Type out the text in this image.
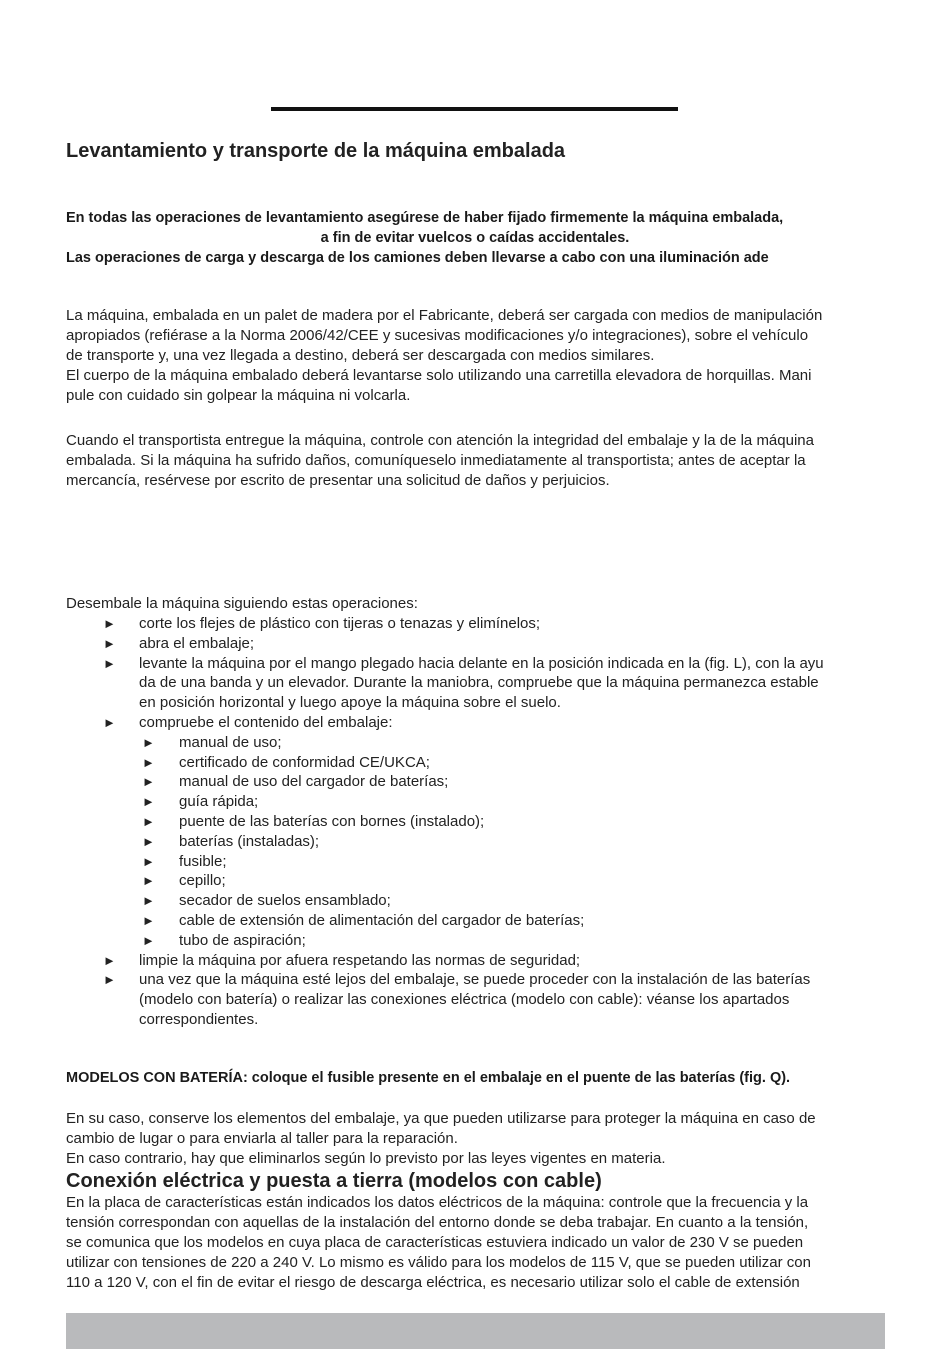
Levantamiento y transporte de la máquina embalada
En todas las operaciones de levantamiento asegúrese de haber fijado firmemente la máquina embalada,
a fin de evitar vuelcos o caídas accidentales.
Las operaciones de carga y descarga de los camiones deben llevarse a cabo con una iluminación ade
La máquina, embalada en un palet de madera por el Fabricante, deberá ser cargada con medios de manipulación
apropiados (refiérase a la Norma 2006/42/CEE y sucesivas modificaciones y/o integraciones), sobre el vehículo
de transporte y, una vez llegada a destino, deberá ser descargada con medios similares.
El cuerpo de la máquina embalado deberá levantarse solo utilizando una carretilla elevadora de horquillas. Mani
pule con cuidado sin golpear la máquina ni volcarla.
Cuando el transportista entregue la máquina, controle con atención la integridad del embalaje y la de la máquina
embalada. Si la máquina ha sufrido daños, comuníqueselo inmediatamente al transportista; antes de aceptar la
mercancía, resérvese por escrito de presentar una solicitud de daños y perjuicios.
Desembale la máquina siguiendo estas operaciones:
► corte los flejes de plástico con tijeras o tenazas y elimínelos;
► abra el embalaje;
► levante la máquina por el mango plegado hacia delante en la posición indicada en la (fig. L), con la ayu
da de una banda y un elevador. Durante la maniobra, compruebe que la máquina permanezca estable
en posición horizontal y luego apoye la máquina sobre el suelo.
► compruebe el contenido del embalaje:
► manual de uso;
► certificado de conformidad CE/UKCA;
► manual de uso del cargador de baterías;
► guía rápida;
► puente de las baterías con bornes (instalado);
► baterías (instaladas);
► fusible;
► cepillo;
► secador de suelos ensamblado;
► cable de extensión de alimentación del cargador de baterías;
► tubo de aspiración;
► limpie la máquina por afuera respetando las normas de seguridad;
► una vez que la máquina esté lejos del embalaje, se puede proceder con la instalación de las baterías
(modelo con batería) o realizar las conexiones eléctrica (modelo con cable): véanse los apartados
correspondientes.
MODELOS CON BATERÍA: coloque el fusible presente en el embalaje en el puente de las baterías (fig. Q).
En su caso, conserve los elementos del embalaje, ya que pueden utilizarse para proteger la máquina en caso de
cambio de lugar o para enviarla al taller para la reparación.
En caso contrario, hay que eliminarlos según lo previsto por las leyes vigentes en materia.
Conexión eléctrica y puesta a tierra (modelos con cable)
En la placa de características están indicados los datos eléctricos de la máquina: controle que la frecuencia y la
tensión correspondan con aquellas de la instalación del entorno donde se deba trabajar. En cuanto a la tensión,
se comunica que los modelos en cuya placa de características estuviera indicado un valor de 230 V se pueden
utilizar con tensiones de 220 a 240 V. Lo mismo es válido para los modelos de 115 V, que se pueden utilizar con
110 a 120 V, con el fin de evitar el riesgo de descarga eléctrica, es necesario utilizar solo el cable de extensión
